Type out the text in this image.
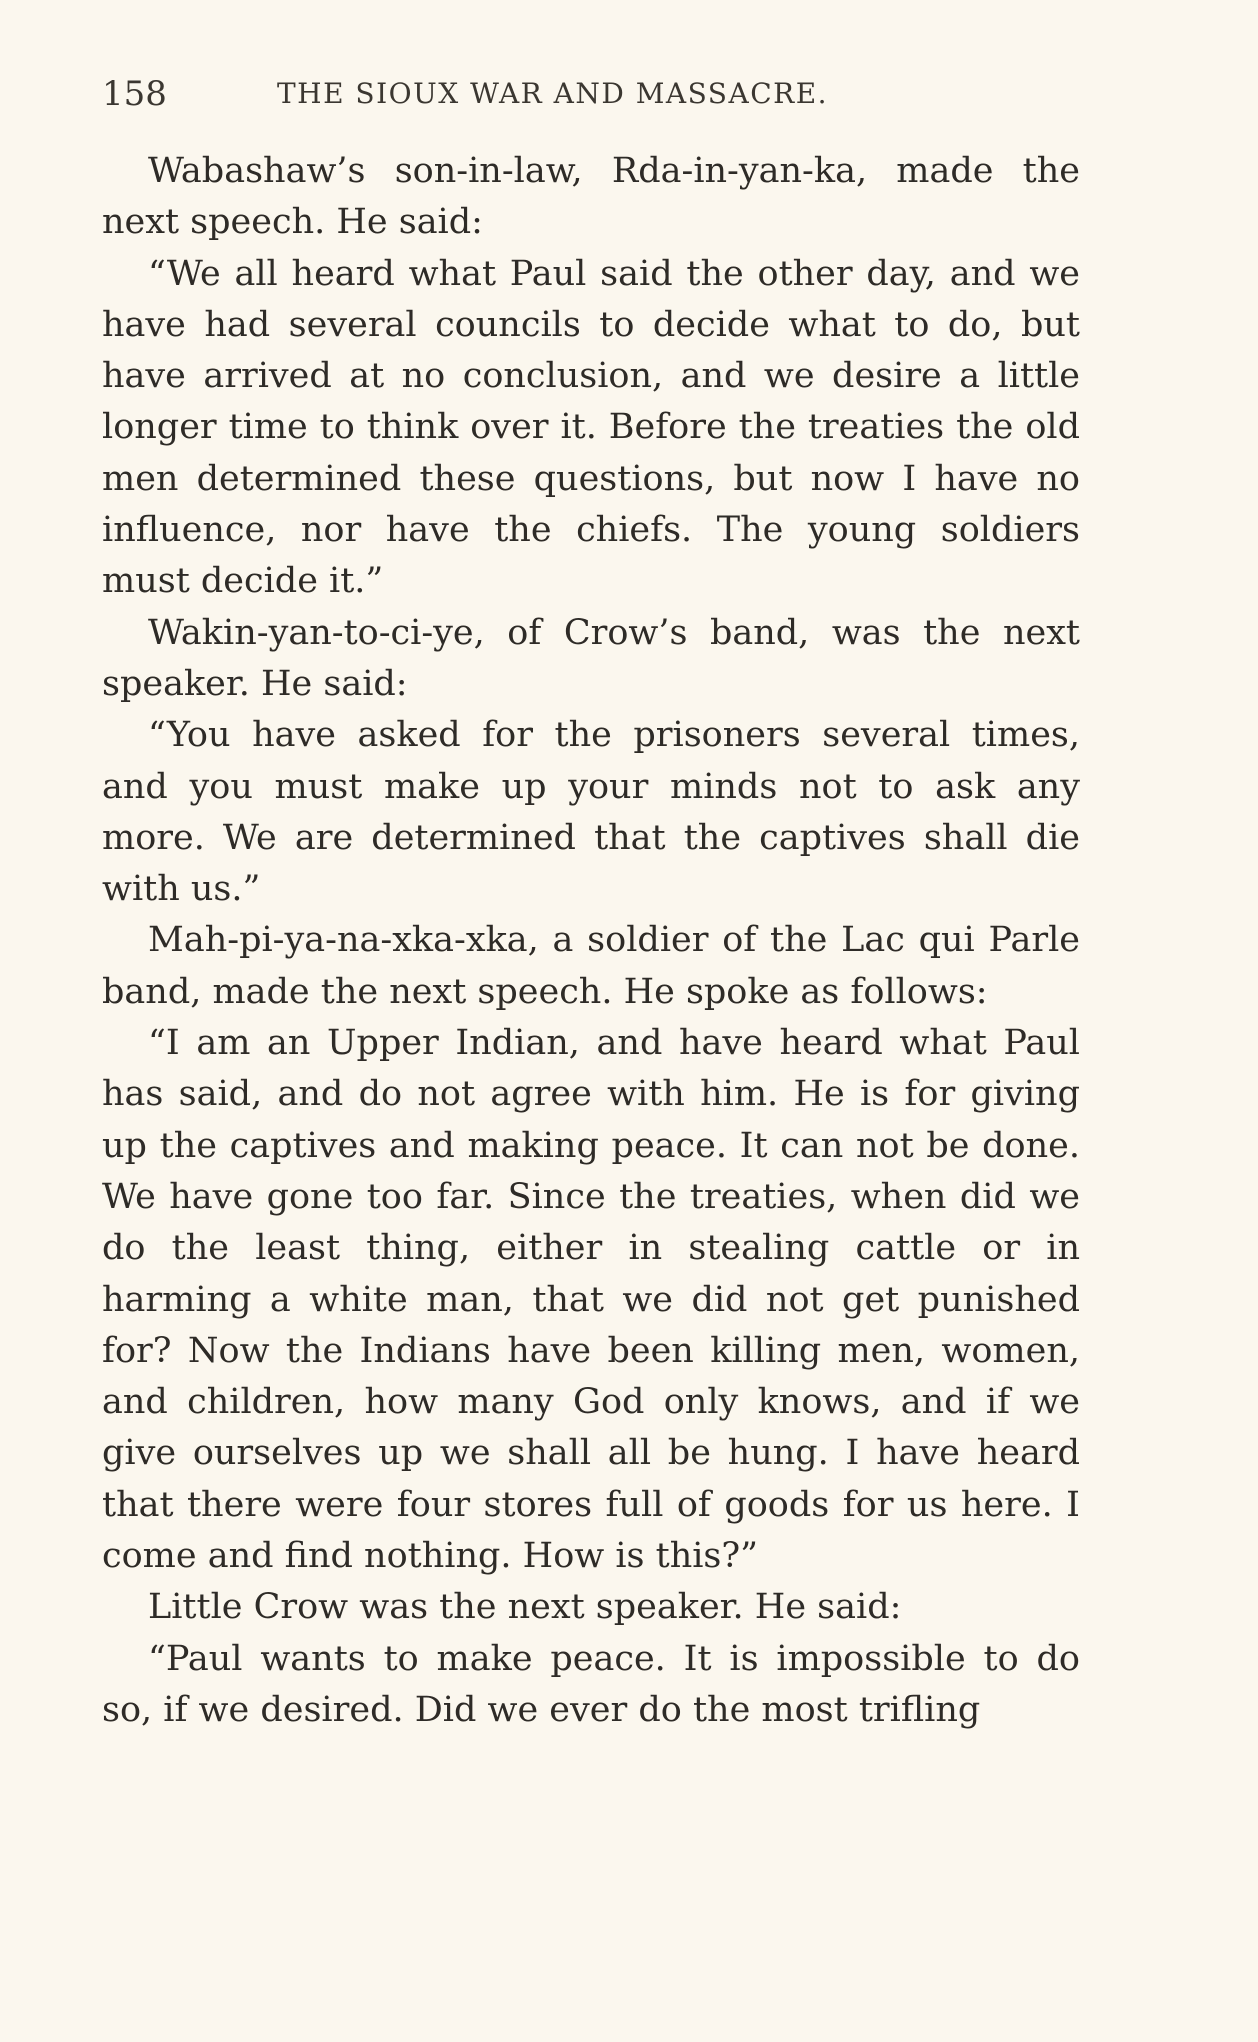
158	THE SIOUX WAR AND MASSACRE.

Wabashaw’s son-in-law, Rda-in-yan-ka, made the next speech. He said:

“We all heard what Paul said the other day, and we have had several councils to decide what to do, but have arrived at no conclusion, and we desire a little longer time to think over it. Before the treaties the old men determined these questions, but now I have no influence, nor have the chiefs. The young soldiers must decide it.”

Wakin-yan-to-ci-ye, of Crow’s band, was the next speaker. He said:

“You have asked for the prisoners several times, and you must make up your minds not to ask any more. We are determined that the captives shall die with us.”

Mah-pi-ya-na-xka-xka, a soldier of the Lac qui Parle band, made the next speech. He spoke as follows:

“I am an Upper Indian, and have heard what Paul has said, and do not agree with him. He is for giving up the captives and making peace. It can not be done. We have gone too far. Since the treaties, when did we do the least thing, either in stealing cattle or in harming a white man, that we did not get punished for? Now the Indians have been killing men, women, and children, how many God only knows, and if we give ourselves up we shall all be hung. I have heard that there were four stores full of goods for us here. I come and find nothing. How is this?”

Little Crow was the next speaker. He said:

“Paul wants to make peace. It is impossible to do so, if we desired. Did we ever do the most trifling
